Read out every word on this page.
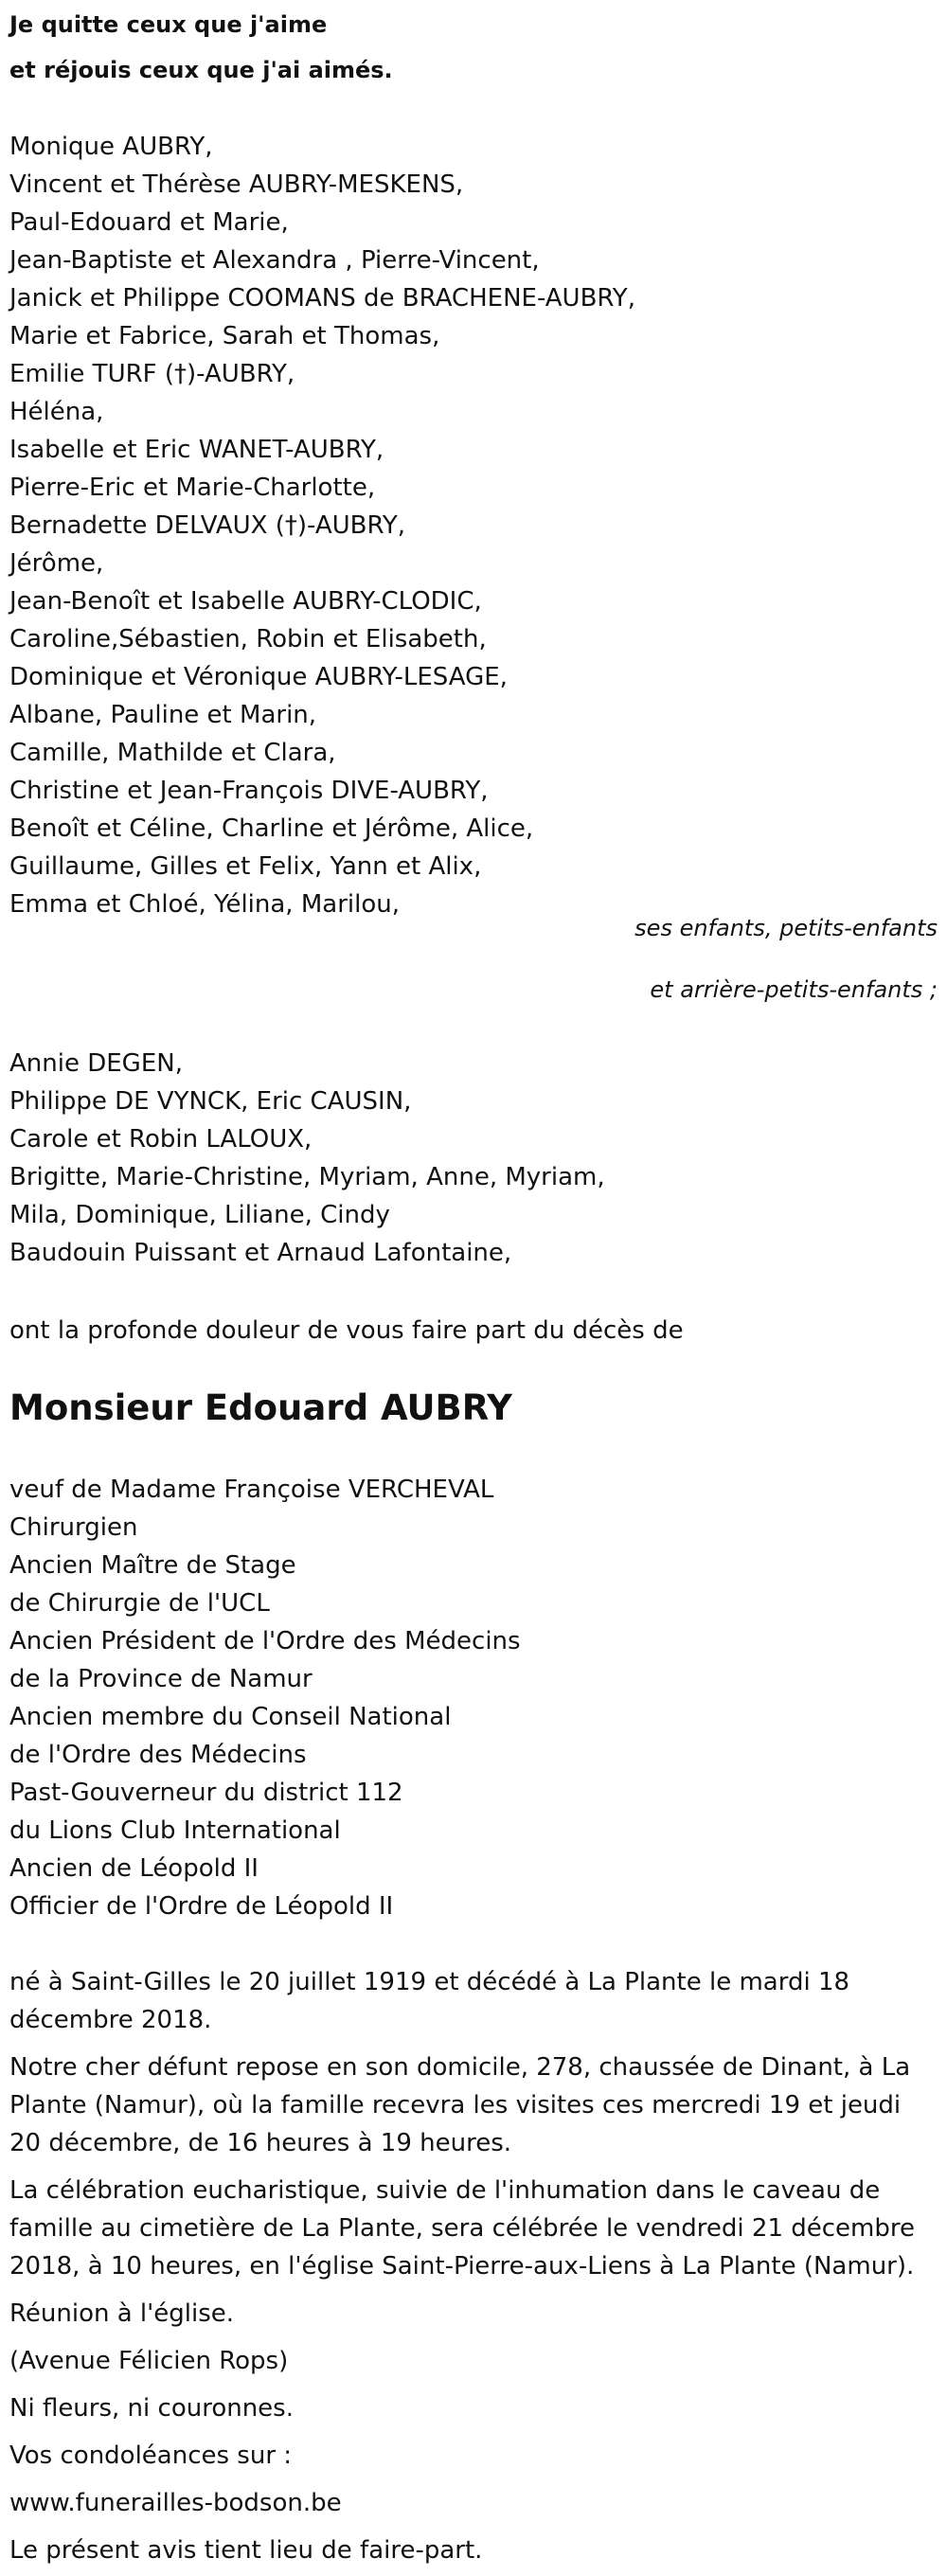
Je quitte ceux que j'aime
et réjouis ceux que j'ai aimés.
Monique AUBRY,
Vincent et Thérèse AUBRY-MESKENS,
Paul-Edouard et Marie,
Jean-Baptiste et Alexandra , Pierre-Vincent,
Janick et Philippe COOMANS de BRACHENE-AUBRY,
Marie et Fabrice, Sarah et Thomas,
Emilie TURF (†)-AUBRY,
Héléna,
Isabelle et Eric WANET-AUBRY,
Pierre-Eric et Marie-Charlotte,
Bernadette DELVAUX (†)-AUBRY,
Jérôme,
Jean-Benoît et Isabelle AUBRY-CLODIC,
Caroline,Sébastien, Robin et Elisabeth,
Dominique et Véronique AUBRY-LESAGE,
Albane, Pauline et Marin,
Camille, Mathilde et Clara,
Christine et Jean-François DIVE-AUBRY,
Benoît et Céline, Charline et Jérôme, Alice,
Guillaume, Gilles et Felix, Yann et Alix,
Emma et Chloé, Yélina, Marilou,
ses enfants, petits-enfants
et arrière-petits-enfants ;
Annie DEGEN,
Philippe DE VYNCK, Eric CAUSIN,
Carole et Robin LALOUX,
Brigitte, Marie-Christine, Myriam, Anne, Myriam,
Mila, Dominique, Liliane, Cindy
Baudouin Puissant et Arnaud Lafontaine,
ont la profonde douleur de vous faire part du décès de
Monsieur Edouard AUBRY
veuf de Madame Françoise VERCHEVAL
Chirurgien
Ancien Maître de Stage
de Chirurgie de l'UCL
Ancien Président de l'Ordre des Médecins
de la Province de Namur
Ancien membre du Conseil National
de l'Ordre des Médecins
Past-Gouverneur du district 112
du Lions Club International
Ancien de Léopold II
Officier de l'Ordre de Léopold II
né à Saint-Gilles le 20 juillet 1919 et décédé à La Plante le mardi 18
décembre 2018.
Notre cher défunt repose en son domicile, 278, chaussée de Dinant, à La
Plante (Namur), où la famille recevra les visites ces mercredi 19 et jeudi
20 décembre, de 16 heures à 19 heures.
La célébration eucharistique, suivie de l'inhumation dans le caveau de
famille au cimetière de La Plante, sera célébrée le vendredi 21 décembre
2018, à 10 heures, en l'église Saint-Pierre-aux-Liens à La Plante (Namur).
Réunion à l'église.
(Avenue Félicien Rops)
Ni fleurs, ni couronnes.
Vos condoléances sur :
www.funerailles-bodson.be
Le présent avis tient lieu de faire-part.
